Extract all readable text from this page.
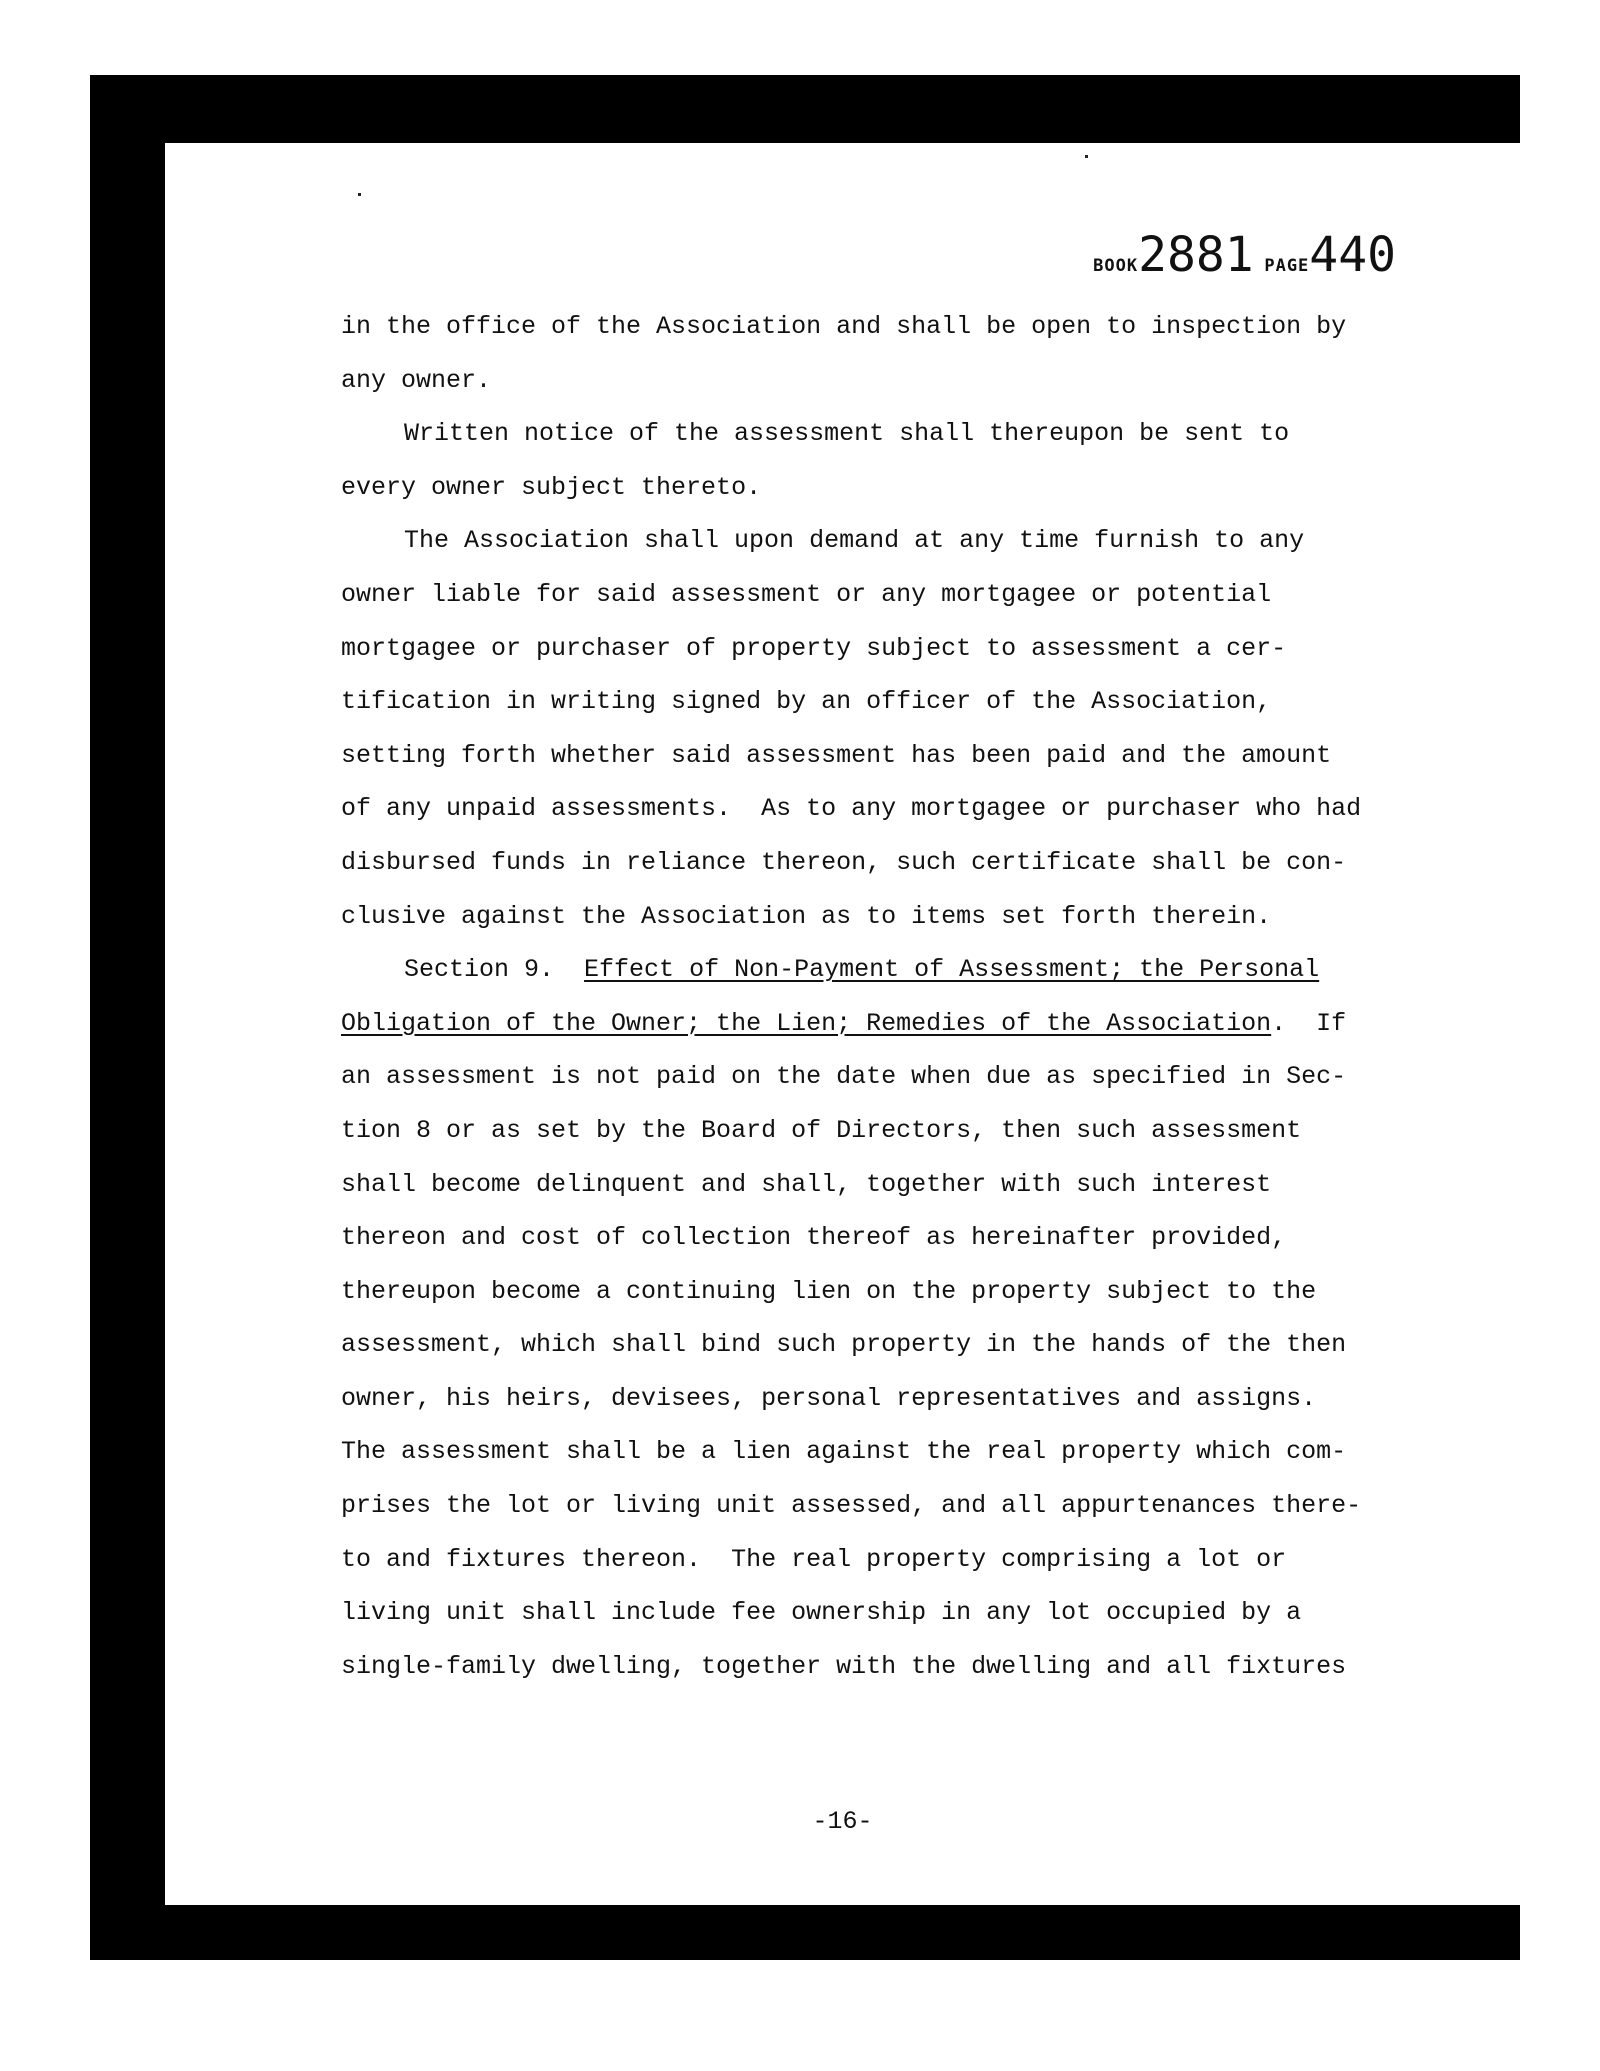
BOOK2881 PAGE440
in the office of the Association and shall be open to inspection by
any owner.
Written notice of the assessment shall thereupon be sent to
every owner subject thereto.
The Association shall upon demand at any time furnish to any
owner liable for said assessment or any mortgagee or potential
mortgagee or purchaser of property subject to assessment a cer-
tification in writing signed by an officer of the Association,
setting forth whether said assessment has been paid and the amount
of any unpaid assessments.  As to any mortgagee or purchaser who had
disbursed funds in reliance thereon, such certificate shall be con-
clusive against the Association as to items set forth therein.
Section 9. Effect of Non-Payment of Assessment; the Personal
Obligation of the Owner; the Lien; Remedies of the Association.  If
an assessment is not paid on the date when due as specified in Sec-
tion 8 or as set by the Board of Directors, then such assessment
shall become delinquent and shall, together with such interest
thereon and cost of collection thereof as hereinafter provided,
thereupon become a continuing lien on the property subject to the
assessment, which shall bind such property in the hands of the then
owner, his heirs, devisees, personal representatives and assigns.
The assessment shall be a lien against the real property which com-
prises the lot or living unit assessed, and all appurtenances there-
to and fixtures thereon.  The real property comprising a lot or
living unit shall include fee ownership in any lot occupied by a
single-family dwelling, together with the dwelling and all fixtures
-16-
